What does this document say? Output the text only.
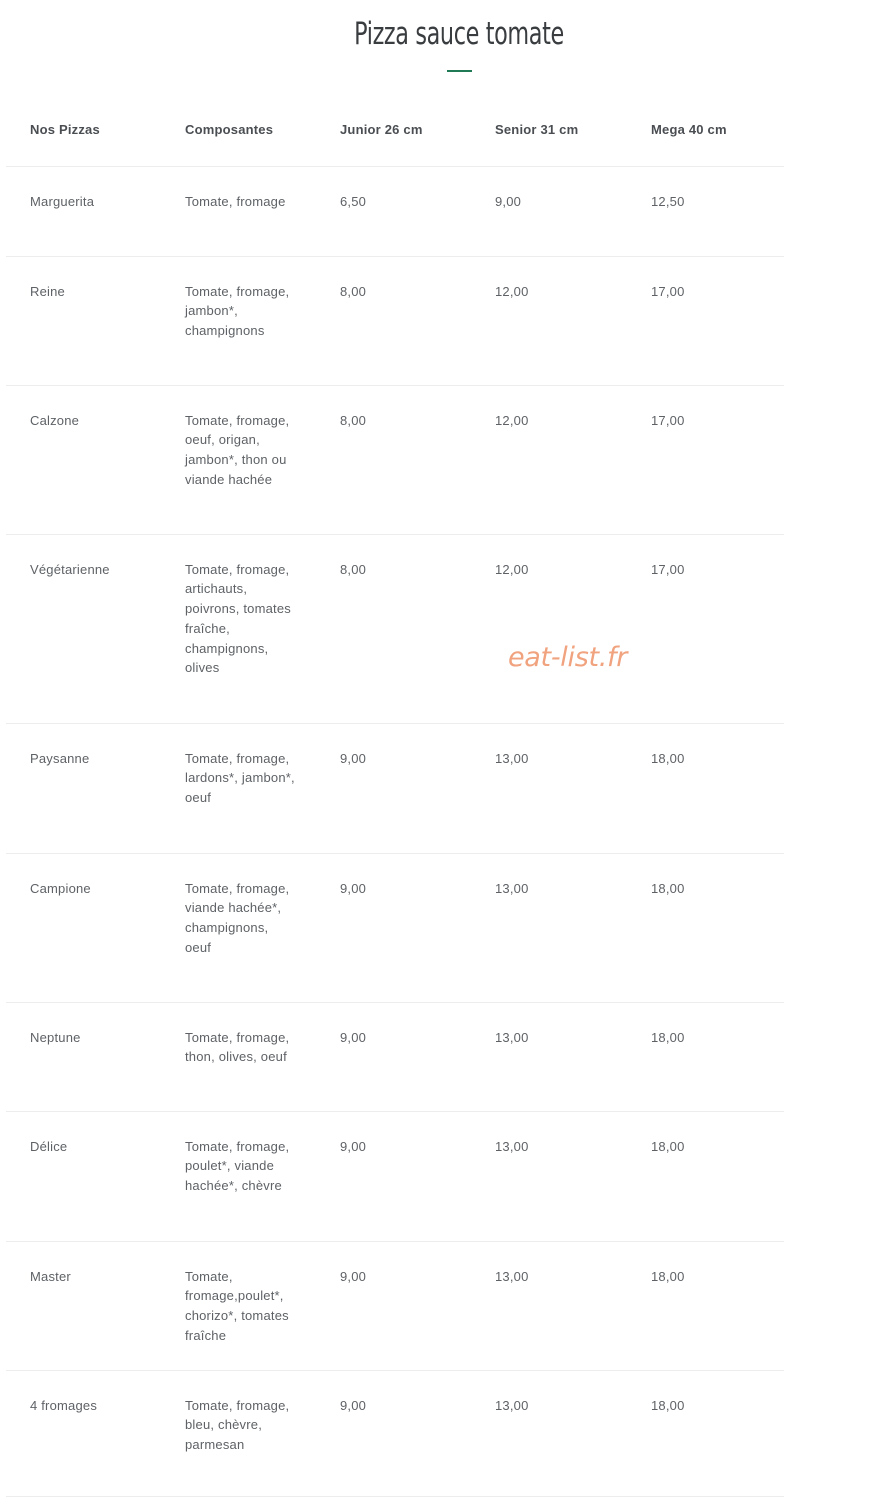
Pizza sauce tomate
Nos Pizzas	Composantes	Junior 26 cm	Senior 31 cm	Mega 40 cm
Marguerita	Tomate, fromage	6,50	9,00	12,50
Reine	Tomate, fromage, jambon*, champignons	8,00	12,00	17,00
Calzone	Tomate, fromage, oeuf, origan, jambon*, thon ou viande hachée	8,00	12,00	17,00
Végétarienne	Tomate, fromage, artichauts, poivrons, tomates fraîche, champignons, olives	8,00	12,00	17,00
Paysanne	Tomate, fromage, lardons*, jambon*, oeuf	9,00	13,00	18,00
Campione	Tomate, fromage, viande hachée*, champignons, oeuf	9,00	13,00	18,00
Neptune	Tomate, fromage, thon, olives, oeuf	9,00	13,00	18,00
Délice	Tomate, fromage, poulet*, viande hachée*, chèvre	9,00	13,00	18,00
Master	Tomate, fromage,poulet*, chorizo*, tomates fraîche	9,00	13,00	18,00
4 fromages	Tomate, fromage, bleu, chèvre, parmesan	9,00	13,00	18,00
eat-list.fr
